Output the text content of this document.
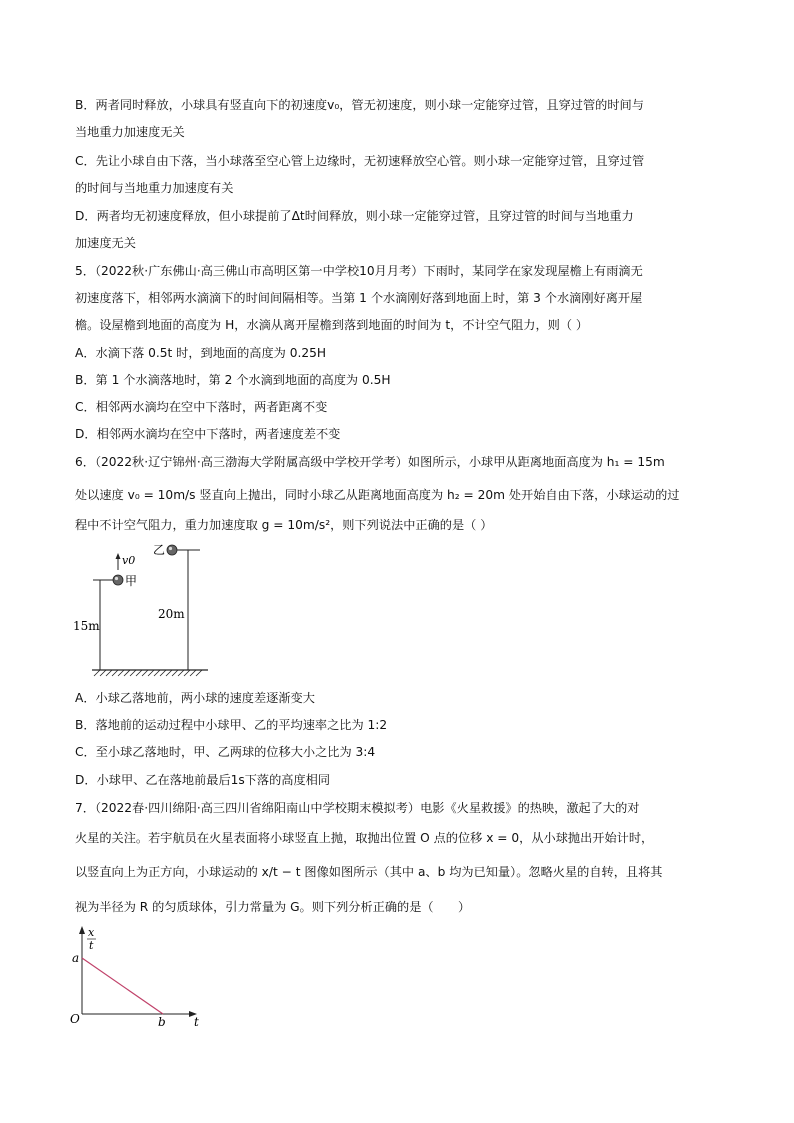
B．两者同时释放，小球具有竖直向下的初速度v₀，管无初速度，则小球一定能穿过管，且穿过管的时间与
当地重力加速度无关
C．先让小球自由下落，当小球落至空心管上边缘时，无初速释放空心管。则小球一定能穿过管，且穿过管
的时间与当地重力加速度有关
D．两者均无初速度释放，但小球提前了Δt时间释放，则小球一定能穿过管，且穿过管的时间与当地重力
加速度无关
5．（2022秋·广东佛山·高三佛山市高明区第一中学校10月月考）下雨时，某同学在家发现屋檐上有雨滴无
初速度落下，相邻两水滴滴下的时间间隔相等。当第 1 个水滴刚好落到地面上时，第 3 个水滴刚好离开屋
檐。设屋檐到地面的高度为 H，水滴从离开屋檐到落到地面的时间为 t，不计空气阻力，则（ ）
A．水滴下落 0.5t 时，到地面的高度为 0.25H
B．第 1 个水滴落地时，第 2 个水滴到地面的高度为 0.5H
C．相邻两水滴均在空中下落时，两者距离不变
D．相邻两水滴均在空中下落时，两者速度差不变
6．（2022秋·辽宁锦州·高三渤海大学附属高级中学校开学考）如图所示，小球甲从距离地面高度为 h₁ = 15m
处以速度 v₀ = 10m/s 竖直向上抛出，同时小球乙从距离地面高度为 h₂ = 20m 处开始自由下落，小球运动的过
程中不计空气阻力，重力加速度取 g = 10m/s²，则下列说法中正确的是（ ）
v0
甲
乙
15m
20m
A．小球乙落地前，两小球的速度差逐渐变大
B．落地前的运动过程中小球甲、乙的平均速率之比为 1:2
C．至小球乙落地时，甲、乙两球的位移大小之比为 3:4
D．小球甲、乙在落地前最后1s下落的高度相同
7．（2022春·四川绵阳·高三四川省绵阳南山中学校期末模拟考）电影《火星救援》的热映，激起了大的对
火星的关注。若宇航员在火星表面将小球竖直上抛，取抛出位置 O 点的位移 x = 0，从小球抛出开始计时，
以竖直向上为正方向，小球运动的 x/t − t 图像如图所示（其中 a、b 均为已知量）。忽略火星的自转，且将其
视为半径为 R 的匀质球体，引力常量为 G。则下列分析正确的是（　　）
x
t
a
b
O	t
